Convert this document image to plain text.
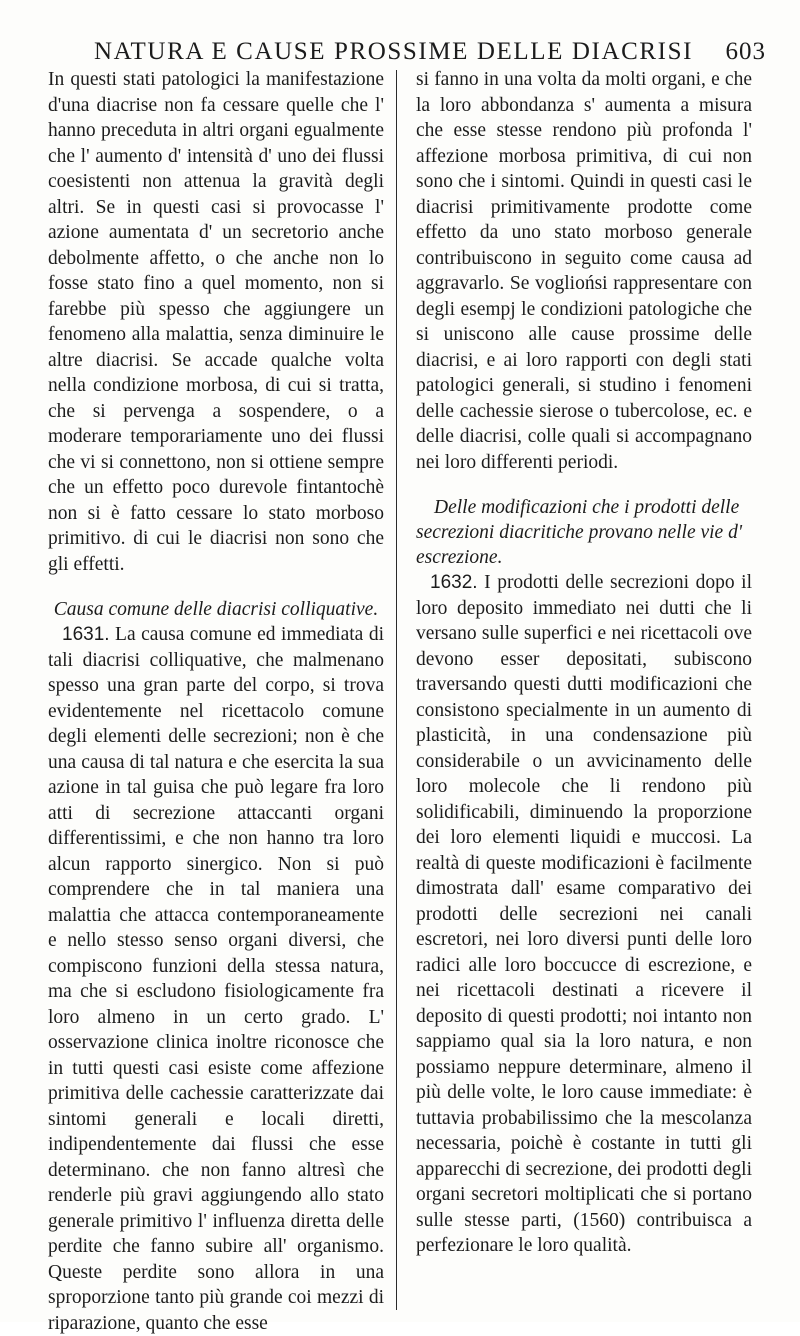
NATURA E CAUSE PROSSIME DELLE DIACRISI 603

In questi stati patologici la manifestazione d'una diacrise non fa cessare quelle che l' hanno preceduta in altri organi egualmente che l' aumento d' intensità d' uno dei flussi coesistenti non attenua la gravità degli altri. Se in questi casi si provocasse l' azione aumentata d' un secretorio anche debolmente affetto, o che anche non lo fosse stato fino a quel momento, non si farebbe più spesso che aggiungere un fenomeno alla malattia, senza diminuire le altre diacrisi. Se accade qualche volta nella condizione morbosa, di cui si tratta, che si pervenga a sospendere, o a moderare temporariamente uno dei flussi che vi si connettono, non si ottiene sempre che un effetto poco durevole fintantochè non si è fatto cessare lo stato morboso primitivo. di cui le diacrisi non sono che gli effetti.

Causa comune delle diacrisi colliquative.

1631. La causa comune ed immediata di tali diacrisi colliquative, che malmenano spesso una gran parte del corpo, si trova evidentemente nel ricettacolo comune degli elementi delle secrezioni; non è che una causa di tal natura e che esercita la sua azione in tal guisa che può legare fra loro atti di secrezione attaccanti organi differentissimi, e che non hanno tra loro alcun rapporto sinergico. Non si può comprendere che in tal maniera una malattia che attacca contemporaneamente e nello stesso senso organi diversi, che compiscono funzioni della stessa natura, ma che si escludono fisiologicamente fra loro almeno in un certo grado. L' osservazione clinica inoltre riconosce che in tutti questi casi esiste come affezione primitiva delle cachessie caratterizzate dai sintomi generali e locali diretti, indipendentemente dai flussi che esse determinano. che non fanno altresì che renderle più gravi aggiungendo allo stato generale primitivo l' influenza diretta delle perdite che fanno subire all' organismo. Queste perdite sono allora in una sproporzione tanto più grande coi mezzi di riparazione, quanto che esse

si fanno in una volta da molti organi, e che la loro abbondanza s' aumenta a misura che esse stesse rendono più profonda l' affezione morbosa primitiva, di cui non sono che i sintomi. Quindi in questi casi le diacrisi primitivamente prodotte come effetto da uno stato morboso generale contribuiscono in seguito come causa ad aggravarlo. Se vogliońsi rappresentare con degli esempj le condizioni patologiche che si uniscono alle cause prossime delle diacrisi, e ai loro rapporti con degli stati patologici generali, si studino i fenomeni delle cachessie sierose o tubercolose, ec. e delle diacrisi, colle quali si accompagnano nei loro differenti periodi.

Delle modificazioni che i prodotti delle secrezioni diacritiche provano nelle vie d' escrezione.

1632. I prodotti delle secrezioni dopo il loro deposito immediato nei dutti che li versano sulle superfici e nei ricettacoli ove devono esser depositati, subiscono traversando questi dutti modificazioni che consistono specialmente in un aumento di plasticità, in una condensazione più considerabile o un avvicinamento delle loro molecole che li rendono più solidificabili, diminuendo la proporzione dei loro elementi liquidi e muccosi. La realtà di queste modificazioni è facilmente dimostrata dall' esame comparativo dei prodotti delle secrezioni nei canali escretori, nei loro diversi punti delle loro radici alle loro boccucce di escrezione, e nei ricettacoli destinati a ricevere il deposito di questi prodotti; noi intanto non sappiamo qual sia la loro natura, e non possiamo neppure determinare, almeno il più delle volte, le loro cause immediate: è tuttavia probabilissimo che la mescolanza necessaria, poichè è costante in tutti gli apparecchi di secrezione, dei prodotti degli organi secretori moltiplicati che si portano sulle stesse parti, (1560) contribuisca a perfezionare le loro qualità.
